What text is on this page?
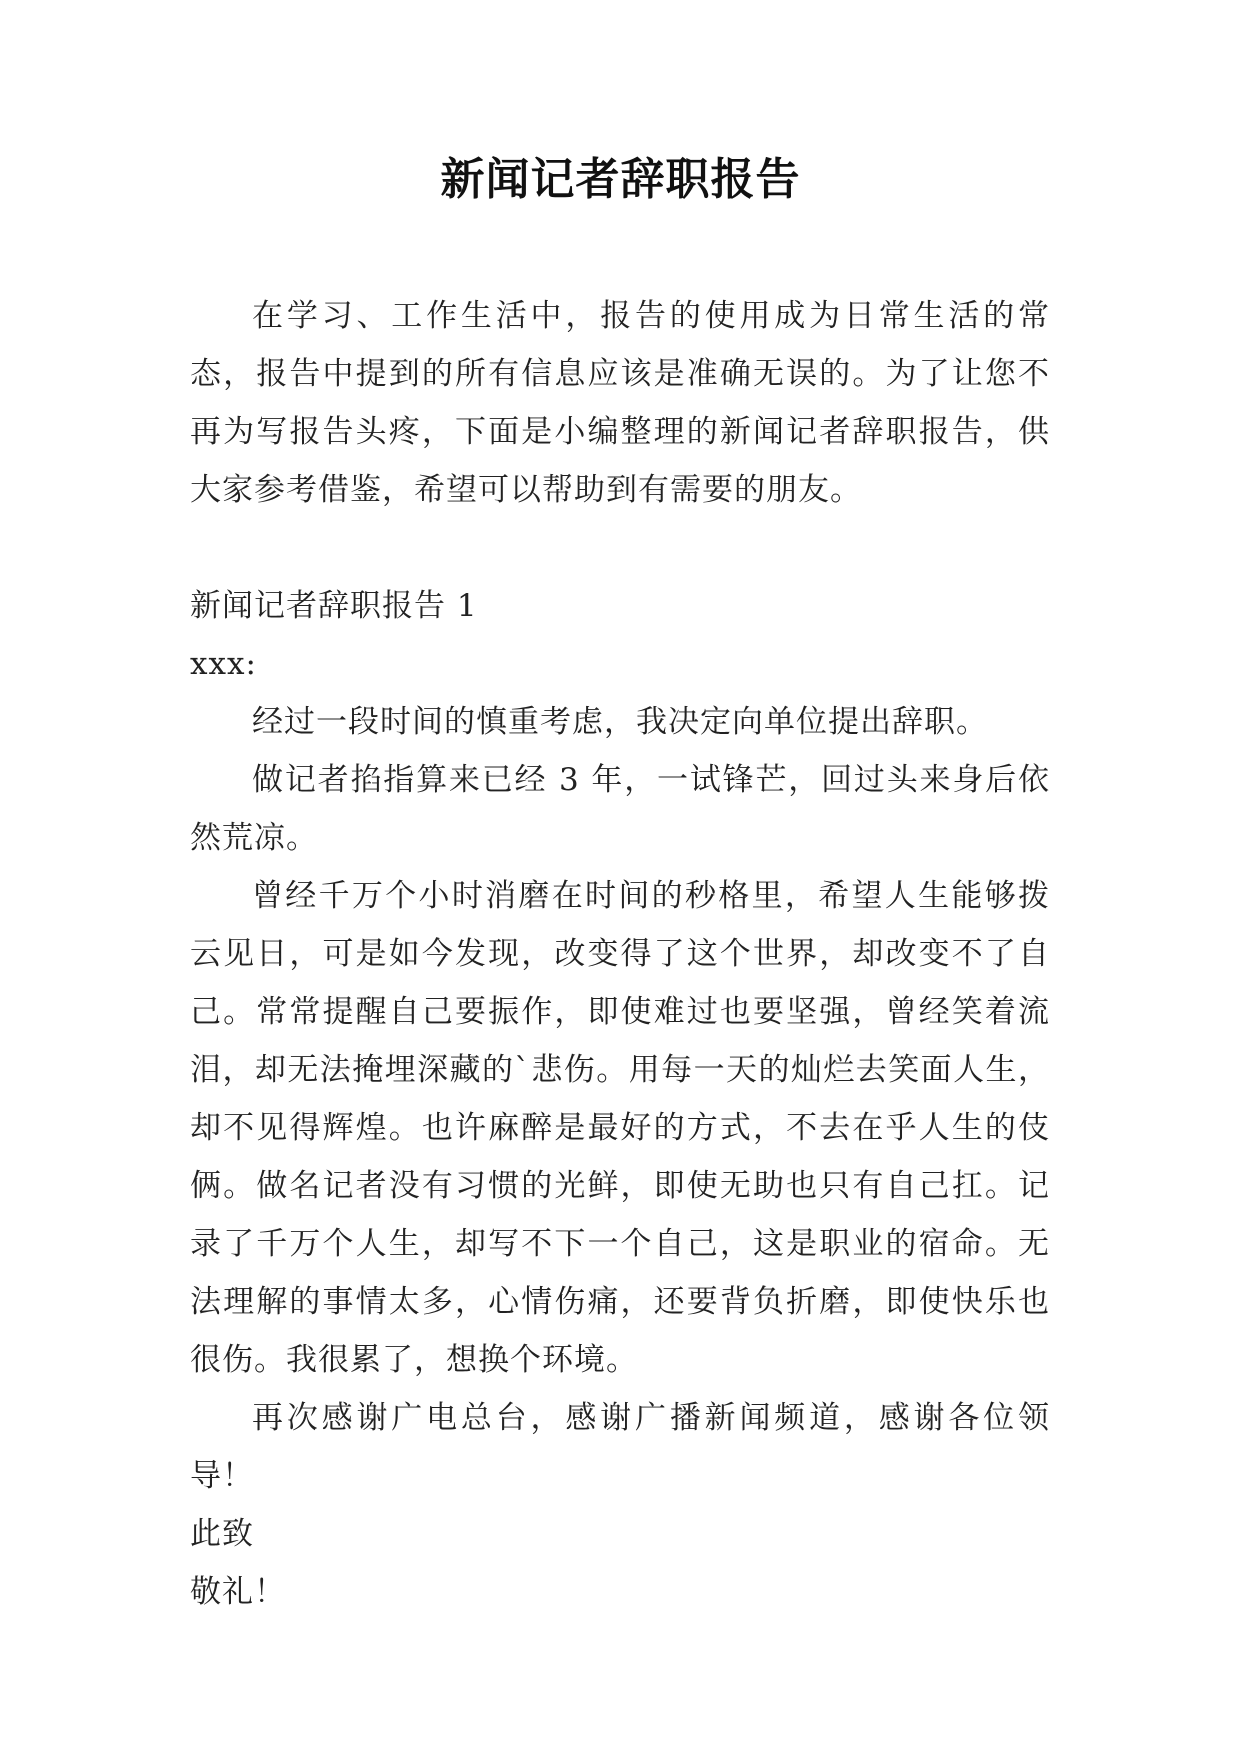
新闻记者辞职报告

在学习、工作生活中，报告的使用成为日常生活的常态，报告中提到的所有信息应该是准确无误的。为了让您不再为写报告头疼，下面是小编整理的新闻记者辞职报告，供大家参考借鉴，希望可以帮助到有需要的朋友。

新闻记者辞职报告 1

xxx:

经过一段时间的慎重考虑，我决定向单位提出辞职。

做记者掐指算来已经 3 年，一试锋芒，回过头来身后依然荒凉。

曾经千万个小时消磨在时间的秒格里，希望人生能够拨云见日，可是如今发现，改变得了这个世界，却改变不了自己。常常提醒自己要振作，即使难过也要坚强，曾经笑着流泪，却无法掩埋深藏的`悲伤。用每一天的灿烂去笑面人生，却不见得辉煌。也许麻醉是最好的方式，不去在乎人生的伎俩。做名记者没有习惯的光鲜，即使无助也只有自己扛。记录了千万个人生，却写不下一个自己，这是职业的宿命。无法理解的事情太多，心情伤痛，还要背负折磨，即使快乐也很伤。我很累了，想换个环境。

再次感谢广电总台，感谢广播新闻频道，感谢各位领导！

此致

敬礼！
